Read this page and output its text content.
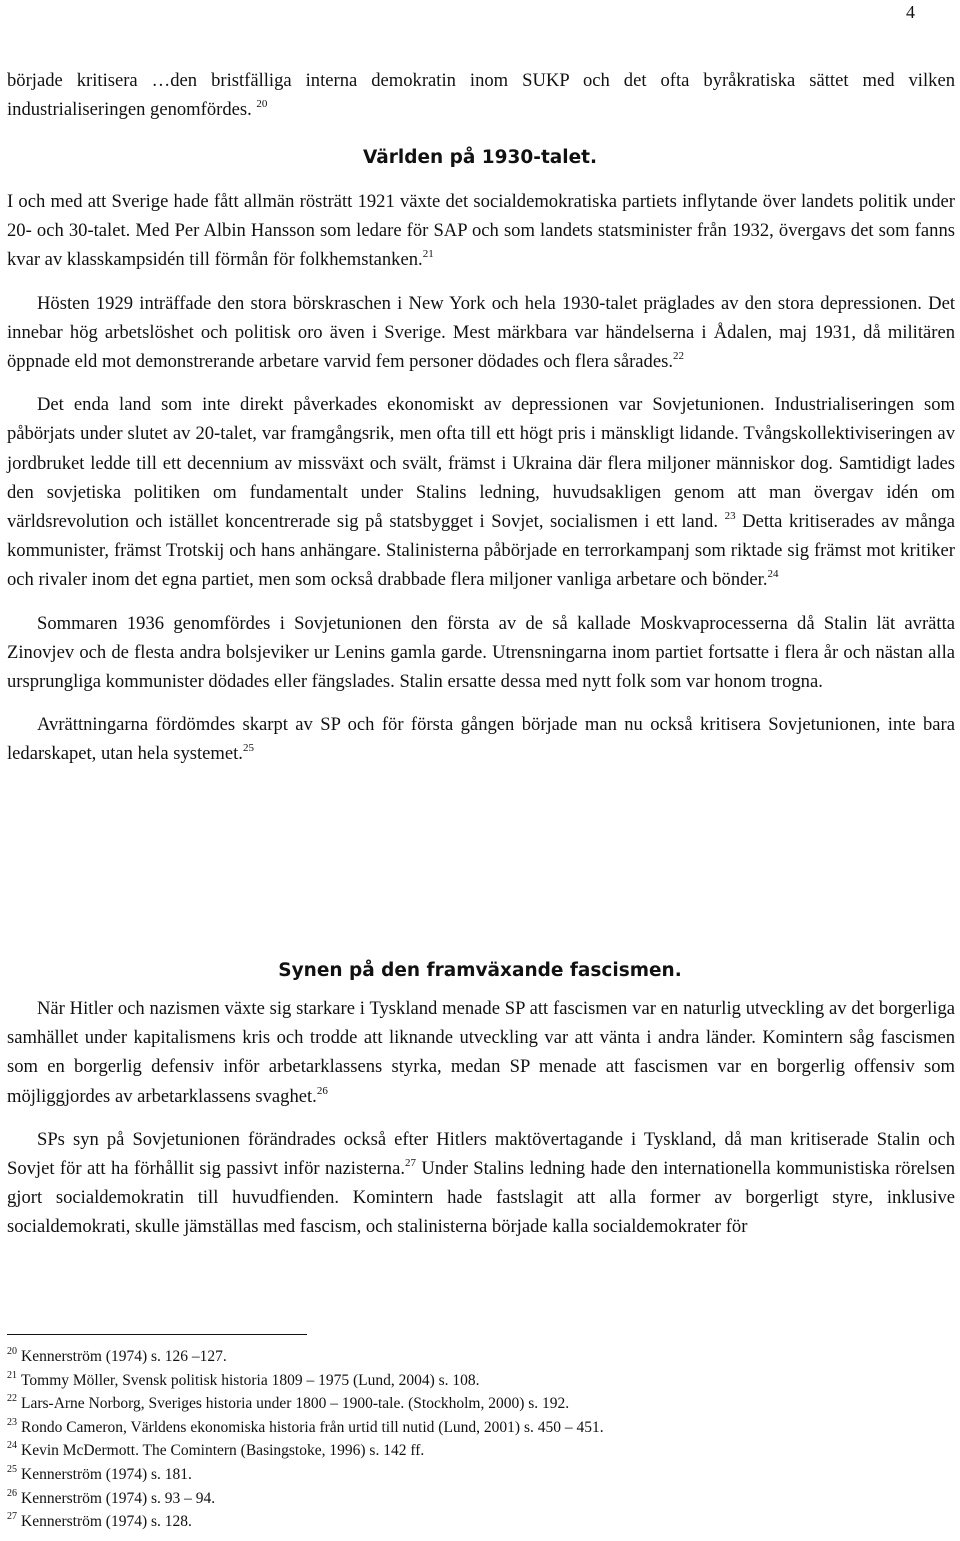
4

började kritisera …den bristfälliga interna demokratin inom SUKP och det ofta byråkratiska sättet med vilken industrialiseringen genomfördes. $^{20}$

Världen på 1930-talet.

I och med att Sverige hade fått allmän rösträtt 1921 växte det socialdemokratiska partiets inflytande över landets politik under 20- och 30-talet. Med Per Albin Hansson som ledare för SAP och som landets statsminister från 1932, övergavs det som fanns kvar av klasskampsidén till förmån för folkhemstanken.$^{21}$

Hösten 1929 inträffade den stora börskraschen i New York och hela 1930-talet präglades av den stora depressionen. Det innebar hög arbetslöshet och politisk oro även i Sverige. Mest märkbara var händelserna i Ådalen, maj 1931, då militären öppnade eld mot demonstrerande arbetare varvid fem personer dödades och flera sårades.$^{22}$

Det enda land som inte direkt påverkades ekonomiskt av depressionen var Sovjetunionen. Industrialiseringen som påbörjats under slutet av 20-talet, var framgångsrik, men ofta till ett högt pris i mänskligt lidande. Tvångskollektiviseringen av jordbruket ledde till ett decennium av missväxt och svält, främst i Ukraina där flera miljoner människor dog. Samtidigt lades den sovjetiska politiken om fundamentalt under Stalins ledning, huvudsakligen genom att man övergav idén om världsrevolution och istället koncentrerade sig på statsbygget i Sovjet, socialismen i ett land. $^{23}$ Detta kritiserades av många kommunister, främst Trotskij och hans anhängare. Stalinisterna påbörjade en terrorkampanj som riktade sig främst mot kritiker och rivaler inom det egna partiet, men som också drabbade flera miljoner vanliga arbetare och bönder.$^{24}$

Sommaren 1936 genomfördes i Sovjetunionen den första av de så kallade Moskvaprocesserna då Stalin lät avrätta Zinovjev och de flesta andra bolsjeviker ur Lenins gamla garde. Utrensningarna inom partiet fortsatte i flera år och nästan alla ursprungliga kommunister dödades eller fängslades. Stalin ersatte dessa med nytt folk som var honom trogna.

Avrättningarna fördömdes skarpt av SP och för första gången började man nu också kritisera Sovjetunionen, inte bara ledarskapet, utan hela systemet.$^{25}$

Synen på den framväxande fascismen.

När Hitler och nazismen växte sig starkare i Tyskland menade SP att fascismen var en naturlig utveckling av det borgerliga samhället under kapitalismens kris och trodde att liknande utveckling var att vänta i andra länder. Komintern såg fascismen som en borgerlig defensiv inför arbetarklassens styrka, medan SP menade att fascismen var en borgerlig offensiv som möjliggjordes av arbetarklassens svaghet.$^{26}$

SPs syn på Sovjetunionen förändrades också efter Hitlers maktövertagande i Tyskland, då man kritiserade Stalin och Sovjet för att ha förhållit sig passivt inför nazisterna.$^{27}$ Under Stalins ledning hade den internationella kommunistiska rörelsen gjort socialdemokratin till huvudfienden. Komintern hade fastslagit att alla former av borgerligt styre, inklusive socialdemokrati, skulle jämställas med fascism, och stalinisterna började kalla socialdemokrater för

$^{20}$ Kennerström (1974) s. 126 –127.
$^{21}$ Tommy Möller, Svensk politisk historia 1809 – 1975 (Lund, 2004) s. 108.
$^{22}$ Lars-Arne Norborg, Sveriges historia under 1800 – 1900-tale. (Stockholm, 2000) s. 192.
$^{23}$ Rondo Cameron, Världens ekonomiska historia från urtid till nutid (Lund, 2001) s. 450 – 451.
$^{24}$ Kevin McDermott. The Comintern (Basingstoke, 1996) s. 142 ff.
$^{25}$ Kennerström (1974) s. 181.
$^{26}$ Kennerström (1974) s. 93 – 94.
$^{27}$ Kennerström (1974) s. 128.
